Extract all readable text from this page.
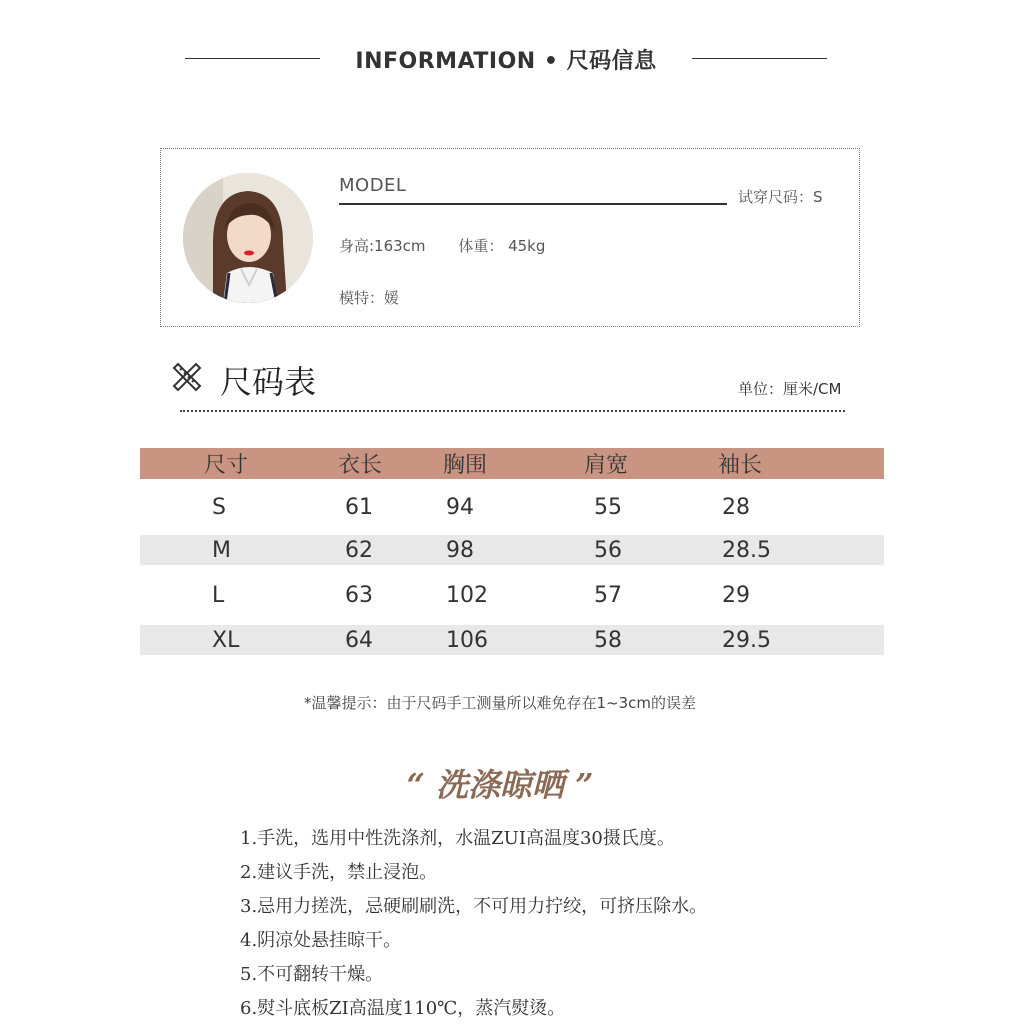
INFORMATION • 尺码信息
MODEL
试穿尺码：S
身高:163cm 体重： 45kg
模特：媛
尺码表	单位：厘米/CM
尺寸	衣长	胸围	肩宽	袖长
S	61	94	55	28
M	62	98	56	28.5
L	63	102	57	29
XL	64	106	58	29.5
*温馨提示：由于尺码手工测量所以难免存在1~3cm的误差
“ 洗涤晾晒 ”
1.手洗，选用中性洗涤剂，水温ZUI高温度30摄氏度。
2.建议手洗，禁止浸泡。
3.忌用力搓洗，忌硬刷刷洗，不可用力拧绞，可挤压除水。
4.阴凉处悬挂晾干。
5.不可翻转干燥。
6.熨斗底板ZI高温度110℃，蒸汽熨烫。
